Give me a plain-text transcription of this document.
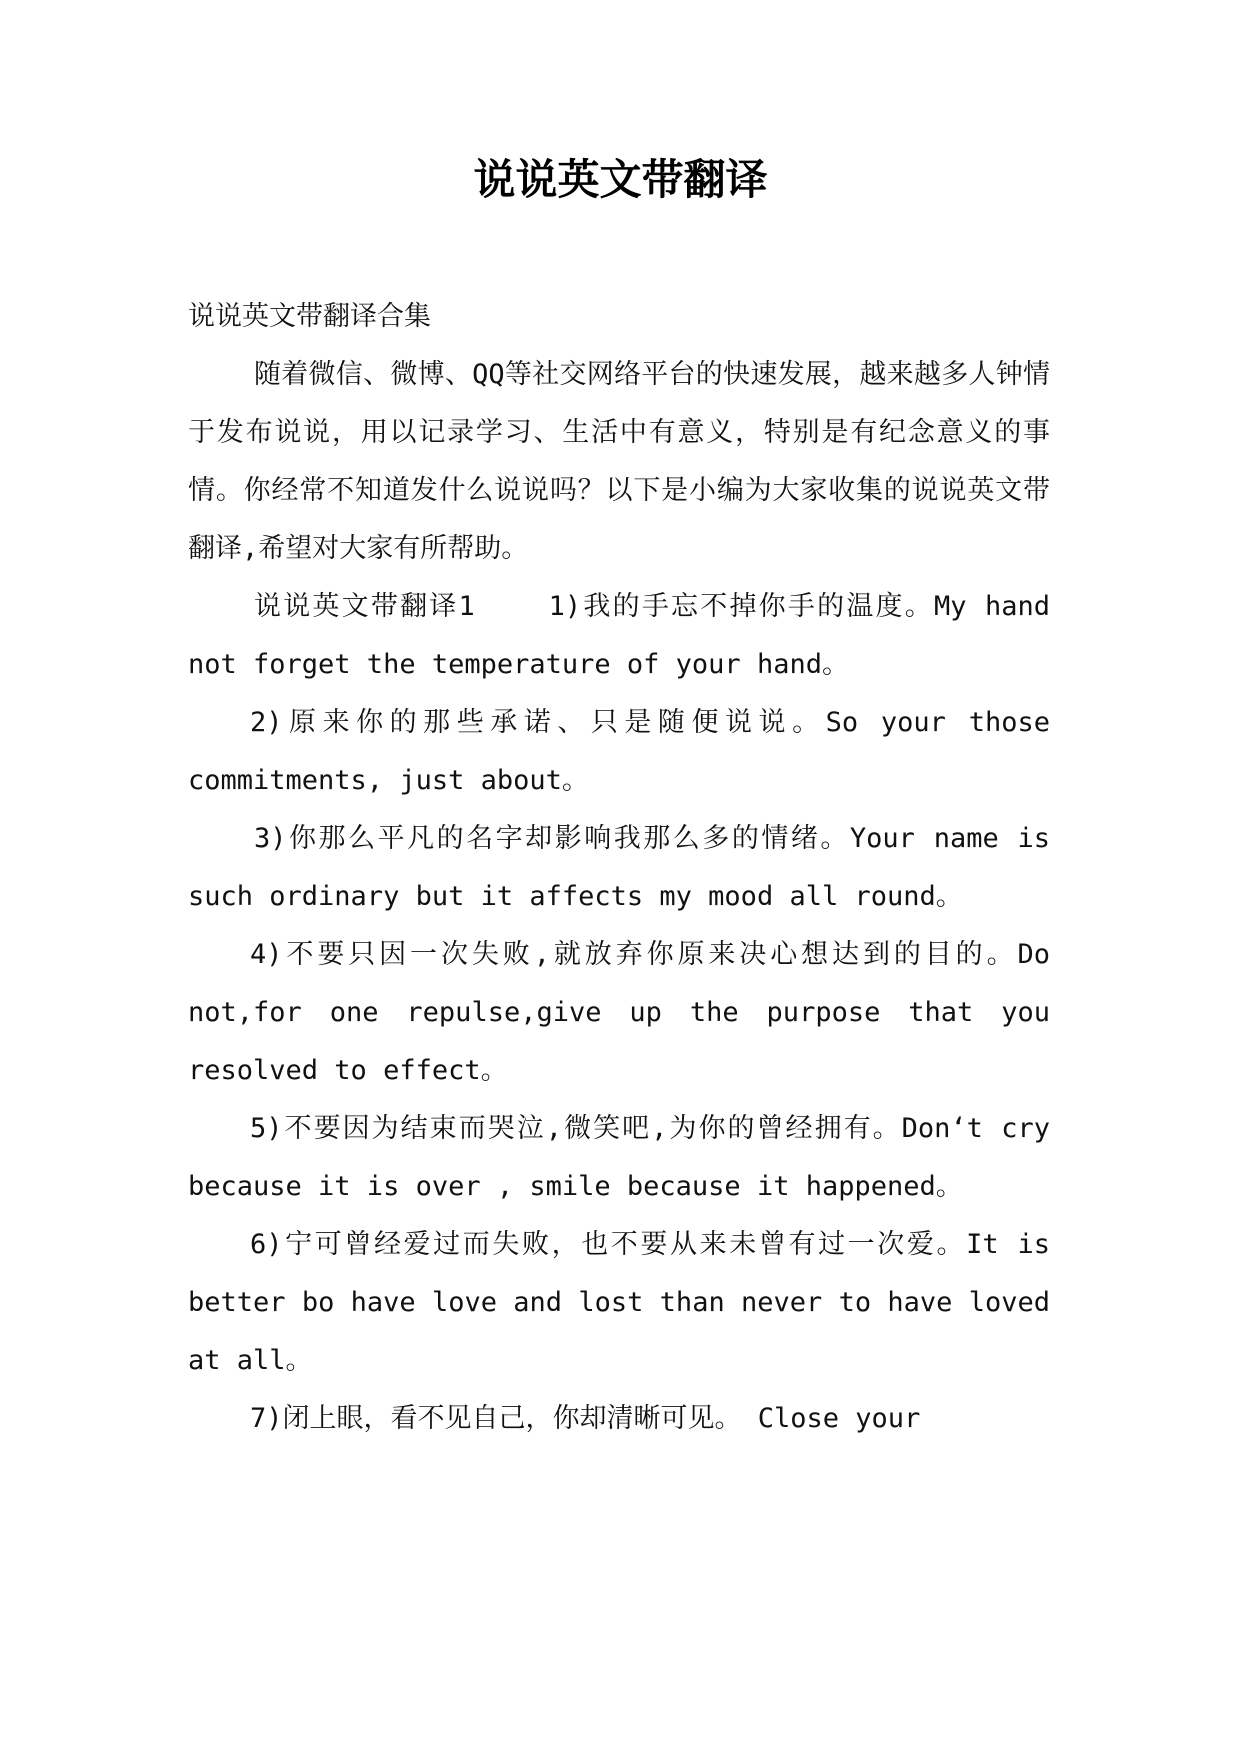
说说英文带翻译

说说英文带翻译合集

随着微信、微博、QQ等社交网络平台的快速发展，越来越多人钟情于发布说说，用以记录学习、生活中有意义，特别是有纪念意义的事情。你经常不知道发什么说说吗？以下是小编为大家收集的说说英文带翻译,希望对大家有所帮助。

说说英文带翻译1	1)我的手忘不掉你手的温度。My hand not forget the temperature of your hand。

2)原来你的那些承诺、只是随便说说。So your those commitments, just about。

3)你那么平凡的名字却影响我那么多的情绪。Your name is such ordinary but it affects my mood all round。

4)不要只因一次失败,就放弃你原来决心想达到的目的。Do not,for one repulse,give up the purpose that you resolved to effect。

5)不要因为结束而哭泣,微笑吧,为你的曾经拥有。Don‘t cry because it is over , smile because it happened。

6)宁可曾经爱过而失败，也不要从来未曾有过一次爱。It is better bo have love and lost than never to have loved at all。

7)闭上眼，看不见自己，你却清晰可见。 Close your
